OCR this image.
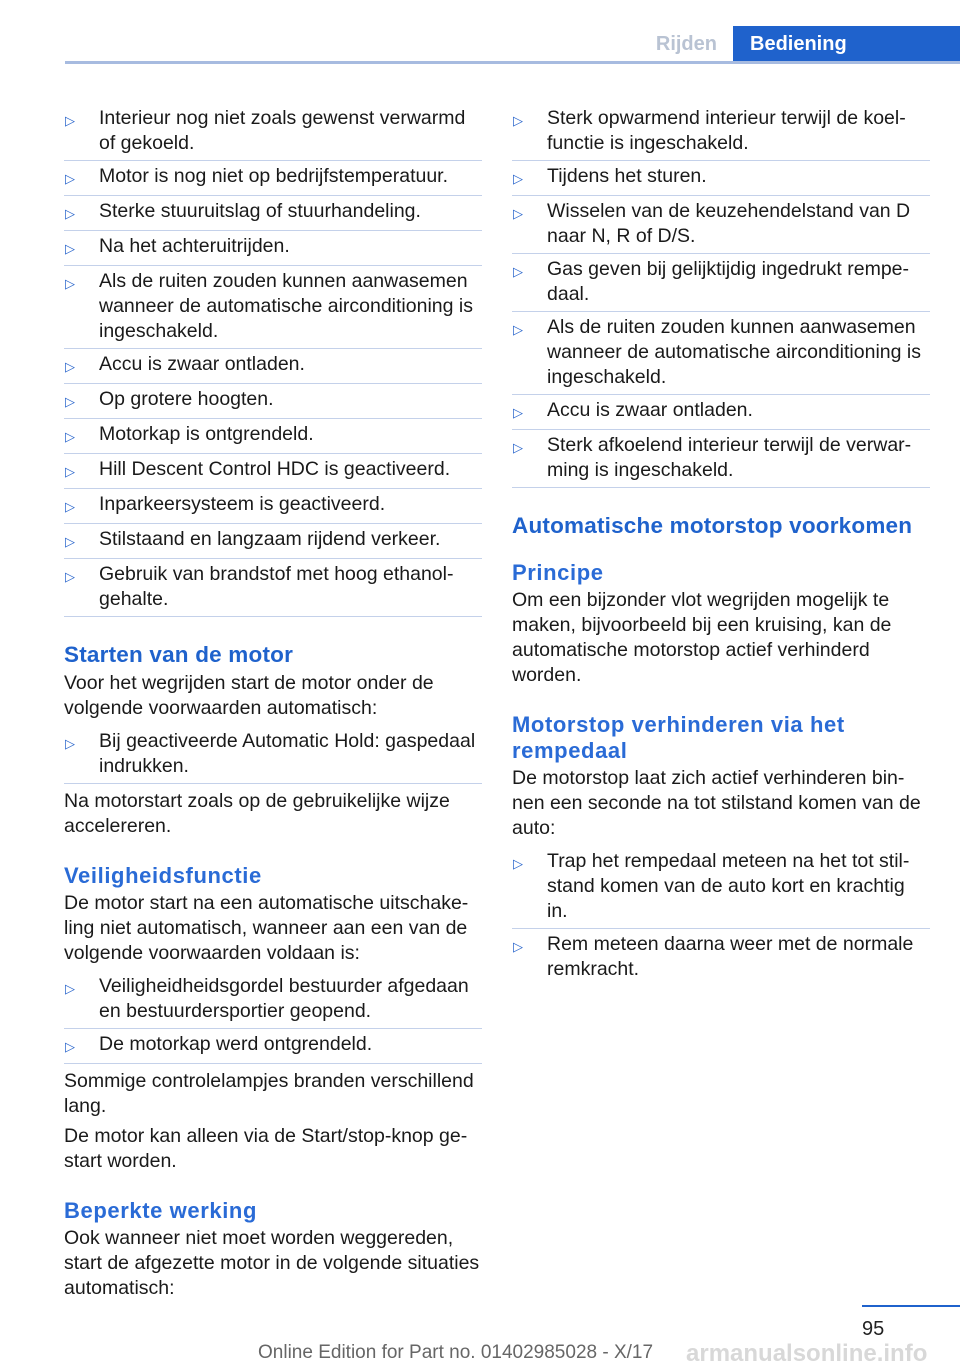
Rijden	Bediening
▷	Interieur nog niet zoals gewenst verwarmd of gekoeld.
▷	Motor is nog niet op bedrijfstemperatuur.
▷	Sterke stuuruitslag of stuurhandeling.
▷	Na het achteruitrijden.
▷	Als de ruiten zouden kunnen aanwasemen wanneer de automatische airconditioning is ingeschakeld.
▷	Accu is zwaar ontladen.
▷	Op grotere hoogten.
▷	Motorkap is ontgrendeld.
▷	Hill Descent Control HDC is geactiveerd.
▷	Inparkeersysteem is geactiveerd.
▷	Stilstaand en langzaam rijdend verkeer.
▷	Gebruik van brandstof met hoog ethanolgehalte.
Starten van de motor

Voor het wegrijden start de motor onder de volgende voorwaarden automatisch:

▷	Bij geactiveerde Automatic Hold: gaspedaal indrukken.

Na motorstart zoals op de gebruikelijke wijze accelereren.

Veiligheidsfunctie

De motor start na een automatische uitschakeling niet automatisch, wanneer aan een van de volgende voorwaarden voldaan is:

▷	Veiligheidheidsgordel bestuurder afgedaan en bestuurdersportier geopend.
▷	De motorkap werd ontgrendeld.

Sommige controlelampjes branden verschillend lang.

De motor kan alleen via de Start/stop-knop gestart worden.

Beperkte werking

Ook wanneer niet moet worden weggereden, start de afgezette motor in de volgende situaties automatisch:

▷	Sterk opwarmend interieur terwijl de koelfunctie is ingeschakeld.
▷	Tijdens het sturen.
▷	Wisselen van de keuzehendelstand van D naar N, R of D/S.
▷	Gas geven bij gelijktijdig ingedrukt rempedaal.
▷	Als de ruiten zouden kunnen aanwasemen wanneer de automatische airconditioning is ingeschakeld.
▷	Accu is zwaar ontladen.
▷	Sterk afkoelend interieur terwijl de verwarming is ingeschakeld.
Automatische motorstop voorkomen
Principe

Om een bijzonder vlot wegrijden mogelijk te maken, bijvoorbeeld bij een kruising, kan de automatische motorstop actief verhinderd worden.

Motorstop verhinderen via het rempedaal

De motorstop laat zich actief verhinderen binnen een seconde na tot stilstand komen van de auto:

▷	Trap het rempedaal meteen na het tot stilstand komen van de auto kort en krachtig in.
▷	Rem meteen daarna weer met de normale remkracht.
95
Online Edition for Part no. 01402985028 - X/17 armanualsonline.info
